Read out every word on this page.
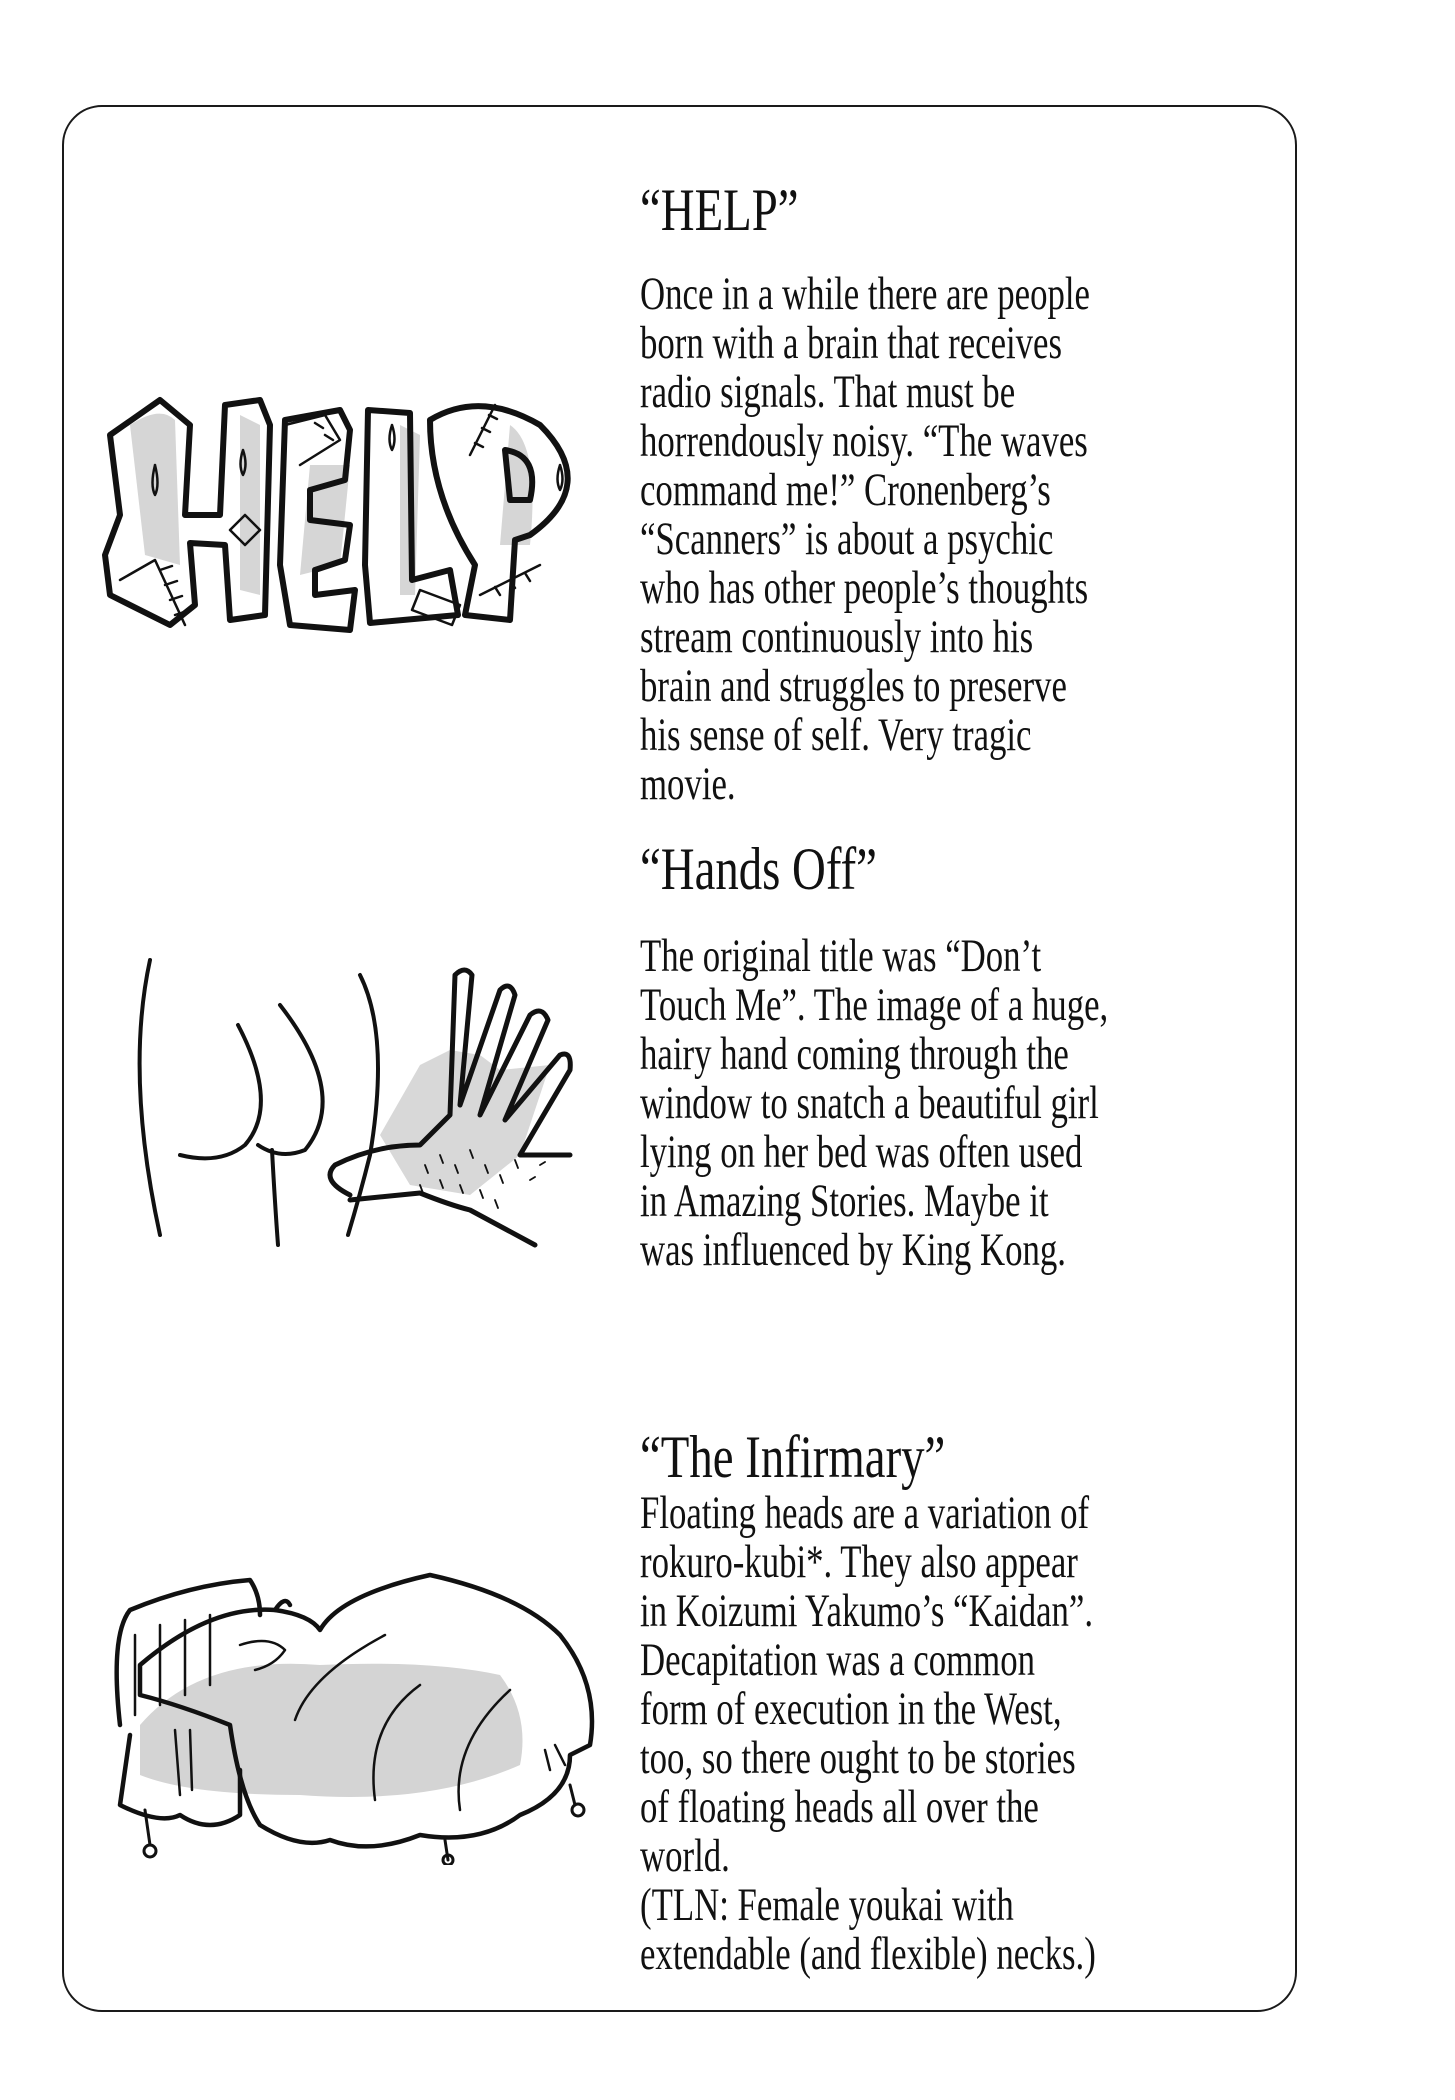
“HELP”
Once in a while there are people
born with a brain that receives
radio signals. That must be
horrendously noisy. “The waves
command me!” Cronenberg’s
“Scanners” is about a psychic
who has other people’s thoughts
stream continuously into his
brain and struggles to preserve
his sense of self. Very tragic
movie.
“Hands Off”
The original title was “Don’t
Touch Me”. The image of a huge,
hairy hand coming through the
window to snatch a beautiful girl
lying on her bed was often used
in Amazing Stories. Maybe it
was influenced by King Kong.
“The Infirmary”
Floating heads are a variation of
rokuro-kubi*. They also appear
in Koizumi Yakumo’s “Kaidan”.
Decapitation was a common
form of execution in the West,
too, so there ought to be stories
of floating heads all over the
world.
(TLN: Female youkai with
extendable (and flexible) necks.)
